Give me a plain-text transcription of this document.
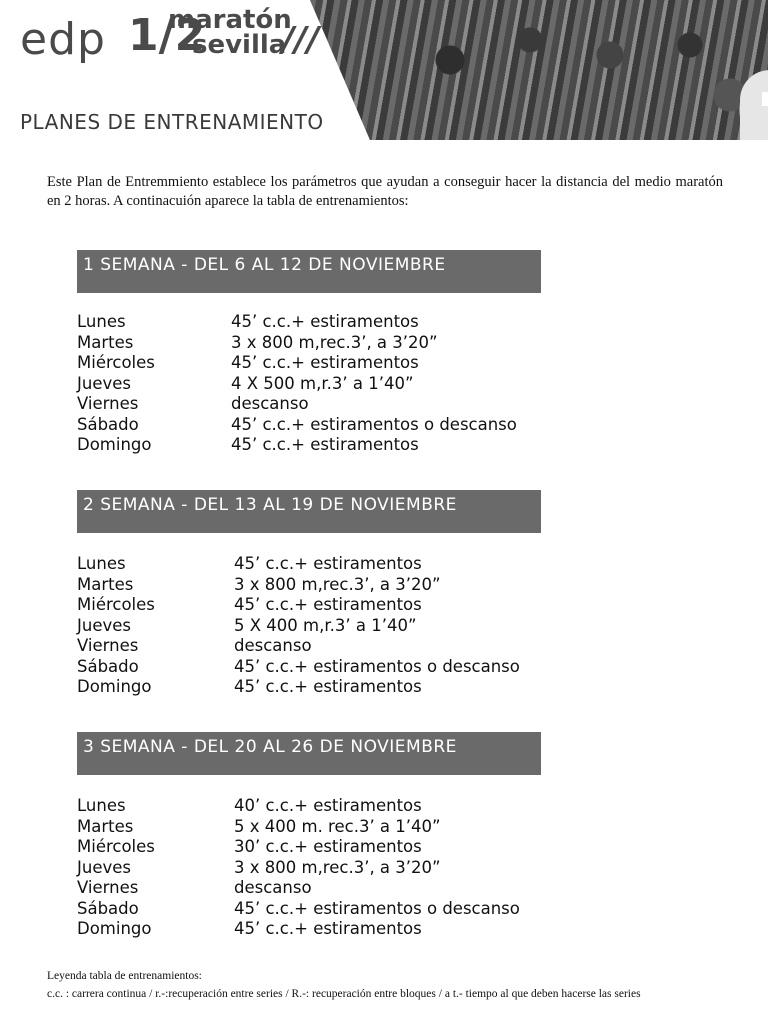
edp 1/2
maratón
sevilla
///
PLANES DE ENTRENAMIENTO

Este Plan de Entremmiento establece los parámetros que ayudan a conseguir hacer la distancia del medio maratón en 2 horas. A continacuión aparece la tabla de entrenamientos:

1 SEMANA - DEL 6 AL 12 DE NOVIEMBRE
Lunes	45’ c.c.+ estiramentos
Martes	3 x 800 m,rec.3’, a 3’20”
Miércoles	45’ c.c.+ estiramentos
Jueves	4 X 500 m,r.3’ a 1’40”
Viernes	descanso
Sábado	45’ c.c.+ estiramentos o descanso
Domingo	45’ c.c.+ estiramentos
2 SEMANA - DEL 13 AL 19 DE NOVIEMBRE
Lunes	45’ c.c.+ estiramentos
Martes	3 x 800 m,rec.3’, a 3’20”
Miércoles	45’ c.c.+ estiramentos
Jueves	5 X 400 m,r.3’ a 1’40”
Viernes	descanso
Sábado	45’ c.c.+ estiramentos o descanso
Domingo	45’ c.c.+ estiramentos
3 SEMANA - DEL 20 AL 26 DE NOVIEMBRE
Lunes	40’ c.c.+ estiramentos
Martes	5 x 400 m. rec.3’ a 1’40”
Miércoles	30’ c.c.+ estiramentos
Jueves	3 x 800 m,rec.3’, a 3’20”
Viernes	descanso
Sábado	45’ c.c.+ estiramentos o descanso
Domingo	45’ c.c.+ estiramentos
Leyenda tabla de entrenamientos:
c.c. : carrera continua / r.-:recuperación entre series / R.-: recuperación entre bloques / a t.- tiempo al que deben hacerse las series
